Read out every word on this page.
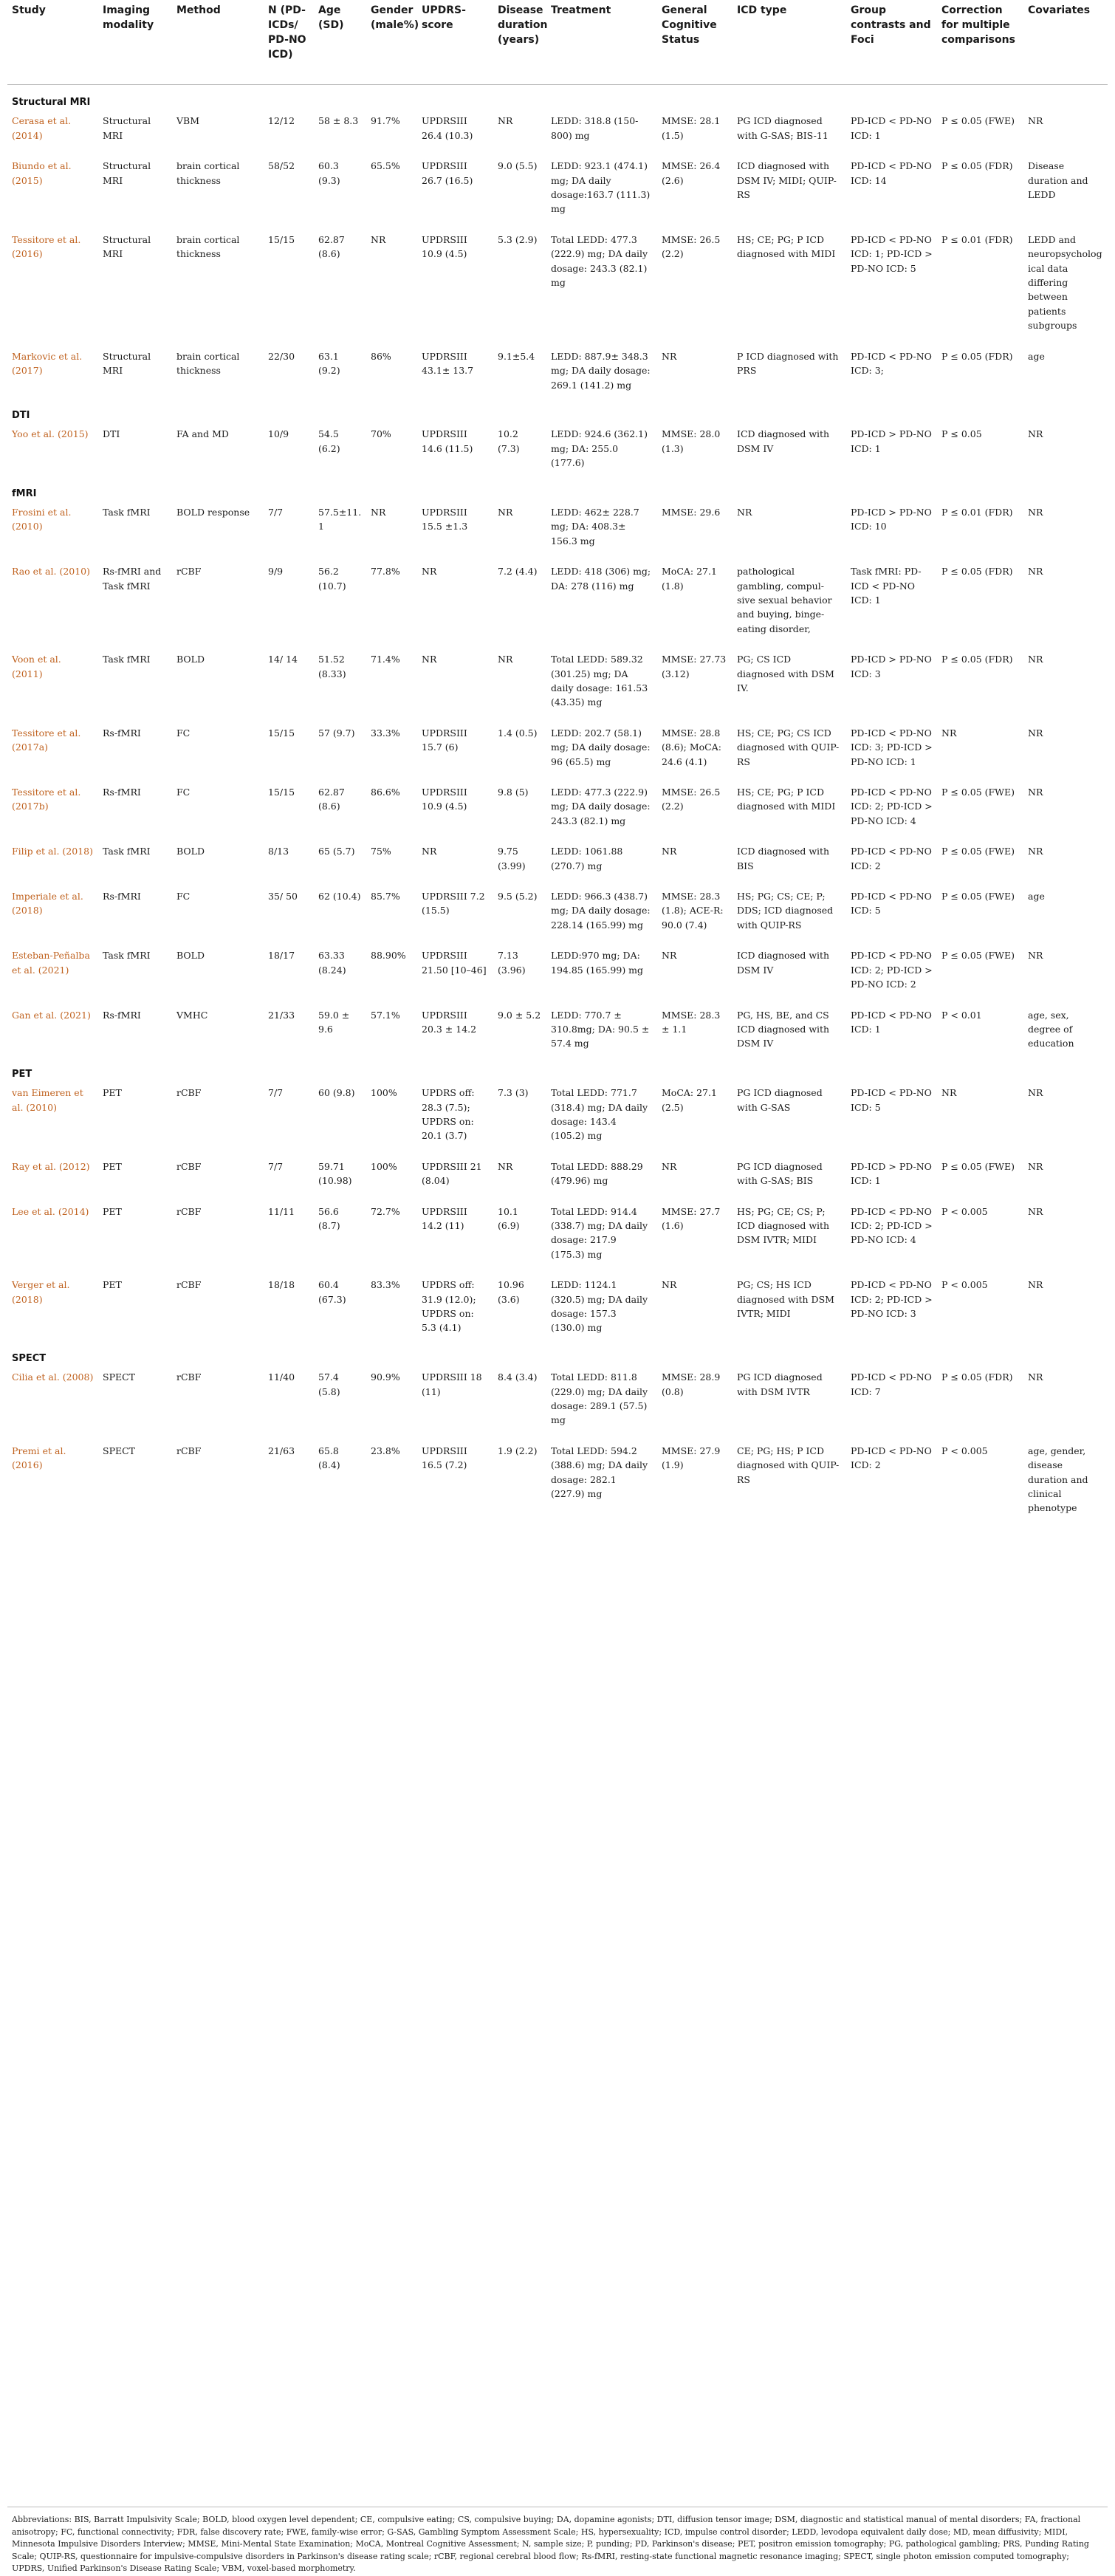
Study	Imaging modality	Method	N (PD-ICDs/ PD-NO ICD)	Age (SD)	Gender (male%)	UPDRS-score	Disease duration (years)	Treatment	General Cognitive Status	ICD type	Group contrasts and Foci	Correction for multiple comparisons	Covariates
Structural MRI													
Cerasa et al. (2014)	Structural MRI	VBM	12/12	58 ± 8.3	91.7%	UPDRSIII 26.4 (10.3)	NR	LEDD: 318.8 (150-800) mg	MMSE: 28.1 (1.5)	PG ICD diagnosed with G-SAS; BIS-11	PD-ICD < PD-NO ICD: 1	P ≤ 0.05 (FWE)	NR
Biundo et al. (2015)	Structural MRI	brain cortical thickness	58/52	60.3 (9.3)	65.5%	UPDRSIII 26.7 (16.5)	9.0 (5.5)	LEDD: 923.1 (474.1) mg; DA daily dosage:163.7 (111.3) mg	MMSE: 26.4 (2.6)	ICD diagnosed with DSM IV; MIDI; QUIP-RS	PD-ICD < PD-NO ICD: 14	P ≤ 0.05 (FDR)	Disease duration and LEDD
Tessitore et al. (2016)	Structural MRI	brain cortical thickness	15/15	62.87 (8.6)	NR	UPDRSIII 10.9 (4.5)	5.3 (2.9)	Total LEDD: 477.3 (222.9) mg; DA daily dosage: 243.3 (82.1) mg	MMSE: 26.5 (2.2)	HS; CE; PG; P ICD diagnosed with MIDI	PD-ICD < PD-NO ICD: 1; PD-ICD > PD-NO ICD: 5	P ≤ 0.01 (FDR)	LEDD and neuropsychological data differing between patients subgroups
Markovic et al. (2017)	Structural MRI	brain cortical thickness	22/30	63.1 (9.2)	86%	UPDRSIII 43.1± 13.7	9.1±5.4	LEDD: 887.9± 348.3 mg; DA daily dosage: 269.1 (141.2) mg	NR	P ICD diagnosed with PRS	PD-ICD < PD-NO ICD: 3;	P ≤ 0.05 (FDR)	age
DTI													
Yoo et al. (2015)	DTI	FA and MD	10/9	54.5 (6.2)	70%	UPDRSIII 14.6 (11.5)	10.2 (7.3)	LEDD: 924.6 (362.1) mg; DA: 255.0 (177.6)	MMSE: 28.0 (1.3)	ICD diagnosed with DSM IV	PD-ICD > PD-NO ICD: 1	P ≤ 0.05	NR
fMRI													
Frosini et al. (2010)	Task fMRI	BOLD response	7/7	57.5±11.1	NR	UPDRSIII 15.5 ±1.3	NR	LEDD: 462± 228.7 mg; DA: 408.3± 156.3 mg	MMSE: 29.6	NR	PD-ICD > PD-NO ICD: 10	P ≤ 0.01 (FDR)	NR
Rao et al. (2010)	Rs-fMRI and Task fMRI	rCBF	9/9	56.2 (10.7)	77.8%	NR	7.2 (4.4)	LEDD: 418 (306) mg; DA: 278 (116) mg	MoCA: 27.1 (1.8)	pathological gambling, compul-sive sexual behavior and buying, binge-eating disorder,	Task fMRI: PD-ICD < PD-NO ICD: 1	P ≤ 0.05 (FDR)	NR
Voon et al. (2011)	Task fMRI	BOLD	14/ 14	51.52 (8.33)	71.4%	NR	NR	Total LEDD: 589.32 (301.25) mg; DA daily dosage: 161.53 (43.35) mg	MMSE: 27.73 (3.12)	PG; CS ICD diagnosed with DSM IV.	PD-ICD > PD-NO ICD: 3	P ≤ 0.05 (FDR)	NR
Tessitore et al. (2017a)	Rs-fMRI	FC	15/15	57 (9.7)	33.3%	UPDRSIII 15.7 (6)	1.4 (0.5)	LEDD: 202.7 (58.1) mg; DA daily dosage: 96 (65.5) mg	MMSE: 28.8 (8.6); MoCA: 24.6 (4.1)	HS; CE; PG; CS ICD diagnosed with QUIP-RS	PD-ICD < PD-NO ICD: 3; PD-ICD > PD-NO ICD: 1	NR	NR
Tessitore et al. (2017b)	Rs-fMRI	FC	15/15	62.87 (8.6)	86.6%	UPDRSIII 10.9 (4.5)	9.8 (5)	LEDD: 477.3 (222.9) mg; DA daily dosage: 243.3 (82.1) mg	MMSE: 26.5 (2.2)	HS; CE; PG; P ICD diagnosed with MIDI	PD-ICD < PD-NO ICD: 2; PD-ICD > PD-NO ICD: 4	P ≤ 0.05 (FWE)	NR
Filip et al. (2018)	Task fMRI	BOLD	8/13	65 (5.7)	75%	NR	9.75 (3.99)	LEDD: 1061.88 (270.7) mg	NR	ICD diagnosed with BIS	PD-ICD < PD-NO ICD: 2	P ≤ 0.05 (FWE)	NR
Imperiale et al. (2018)	Rs-fMRI	FC	35/ 50	62 (10.4)	85.7%	UPDRSIII 7.2 (15.5)	9.5 (5.2)	LEDD: 966.3 (438.7) mg; DA daily dosage: 228.14 (165.99) mg	MMSE: 28.3 (1.8); ACE-R: 90.0 (7.4)	HS; PG; CS; CE; P; DDS; ICD diagnosed with QUIP-RS	PD-ICD < PD-NO ICD: 5	P ≤ 0.05 (FWE)	age
Esteban-Peñalba et al. (2021)	Task fMRI	BOLD	18/17	63.33 (8.24)	88.90%	UPDRSIII 21.50 [10–46]	7.13 (3.96)	LEDD:970 mg; DA: 194.85 (165.99) mg	NR	ICD diagnosed with DSM IV	PD-ICD < PD-NO ICD: 2; PD-ICD > PD-NO ICD: 2	P ≤ 0.05 (FWE)	NR
Gan et al. (2021)	Rs-fMRI	VMHC	21/33	59.0 ± 9.6	57.1%	UPDRSIII 20.3 ± 14.2	9.0 ± 5.2	LEDD: 770.7 ± 310.8mg; DA: 90.5 ± 57.4 mg	MMSE: 28.3 ± 1.1	PG, HS, BE, and CS ICD diagnosed with DSM IV	PD-ICD < PD-NO ICD: 1	P < 0.01	age, sex, degree of education
PET													
van Eimeren et al. (2010)	PET	rCBF	7/7	60 (9.8)	100%	UPDRS off: 28.3 (7.5); UPDRS on: 20.1 (3.7)	7.3 (3)	Total LEDD: 771.7 (318.4) mg; DA daily dosage: 143.4 (105.2) mg	MoCA: 27.1 (2.5)	PG ICD diagnosed with G-SAS	PD-ICD < PD-NO ICD: 5	NR	NR
Ray et al. (2012)	PET	rCBF	7/7	59.71 (10.98)	100%	UPDRSIII 21 (8.04)	NR	Total LEDD: 888.29 (479.96) mg	NR	PG ICD diagnosed with G-SAS; BIS	PD-ICD > PD-NO ICD: 1	P ≤ 0.05 (FWE)	NR
Lee et al. (2014)	PET	rCBF	11/11	56.6 (8.7)	72.7%	UPDRSIII 14.2 (11)	10.1 (6.9)	Total LEDD: 914.4 (338.7) mg; DA daily dosage: 217.9 (175.3) mg	MMSE: 27.7 (1.6)	HS; PG; CE; CS; P; ICD diagnosed with DSM IVTR; MIDI	PD-ICD < PD-NO ICD: 2; PD-ICD > PD-NO ICD: 4	P < 0.005	NR
Verger et al. (2018)	PET	rCBF	18/18	60.4 (67.3)	83.3%	UPDRS off: 31.9 (12.0); UPDRS on: 5.3 (4.1)	10.96 (3.6)	LEDD: 1124.1 (320.5) mg; DA daily dosage: 157.3 (130.0) mg	NR	PG; CS; HS ICD diagnosed with DSM IVTR; MIDI	PD-ICD < PD-NO ICD: 2; PD-ICD > PD-NO ICD: 3	P < 0.005	NR
SPECT													
Cilia et al. (2008)	SPECT	rCBF	11/40	57.4 (5.8)	90.9%	UPDRSIII 18 (11)	8.4 (3.4)	Total LEDD: 811.8 (229.0) mg; DA daily dosage: 289.1 (57.5) mg	MMSE: 28.9 (0.8)	PG ICD diagnosed with DSM IVTR	PD-ICD < PD-NO ICD: 7	P ≤ 0.05 (FDR)	NR
Premi et al. (2016)	SPECT	rCBF	21/63	65.8 (8.4)	23.8%	UPDRSIII 16.5 (7.2)	1.9 (2.2)	Total LEDD: 594.2 (388.6) mg; DA daily dosage: 282.1 (227.9) mg	MMSE: 27.9 (1.9)	CE; PG; HS; P ICD diagnosed with QUIP-RS	PD-ICD < PD-NO ICD: 2	P < 0.005	age, gender, disease duration and clinical phenotype
Abbreviations: BIS, Barratt Impulsivity Scale; BOLD, blood oxygen level dependent; CE, compulsive eating; CS, compulsive buying; DA, dopamine agonists; DTI, diffusion tensor image; DSM, diagnostic and statistical manual of mental disorders; FA, fractional anisotropy; FC, functional connectivity; FDR, false discovery rate; FWE, family-wise error; G-SAS, Gambling Symptom Assessment Scale; HS, hypersexuality; ICD, impulse control disorder; LEDD, levodopa equivalent daily dose; MD, mean diffusivity; MIDI, Minnesota Impulsive Disorders Interview; MMSE, Mini-Mental State Examination; MoCA, Montreal Cognitive Assessment; N, sample size; P, punding; PD, Parkinson's disease; PET, positron emission tomography; PG, pathological gambling; PRS, Punding Rating Scale; QUIP-RS, questionnaire for impulsive-compulsive disorders in Parkinson's disease rating scale; rCBF, regional cerebral blood flow; Rs-fMRI, resting-state functional magnetic resonance imaging; SPECT, single photon emission computed tomography; UPDRS, Unified Parkinson's Disease Rating Scale; VBM, voxel-based morphometry.
